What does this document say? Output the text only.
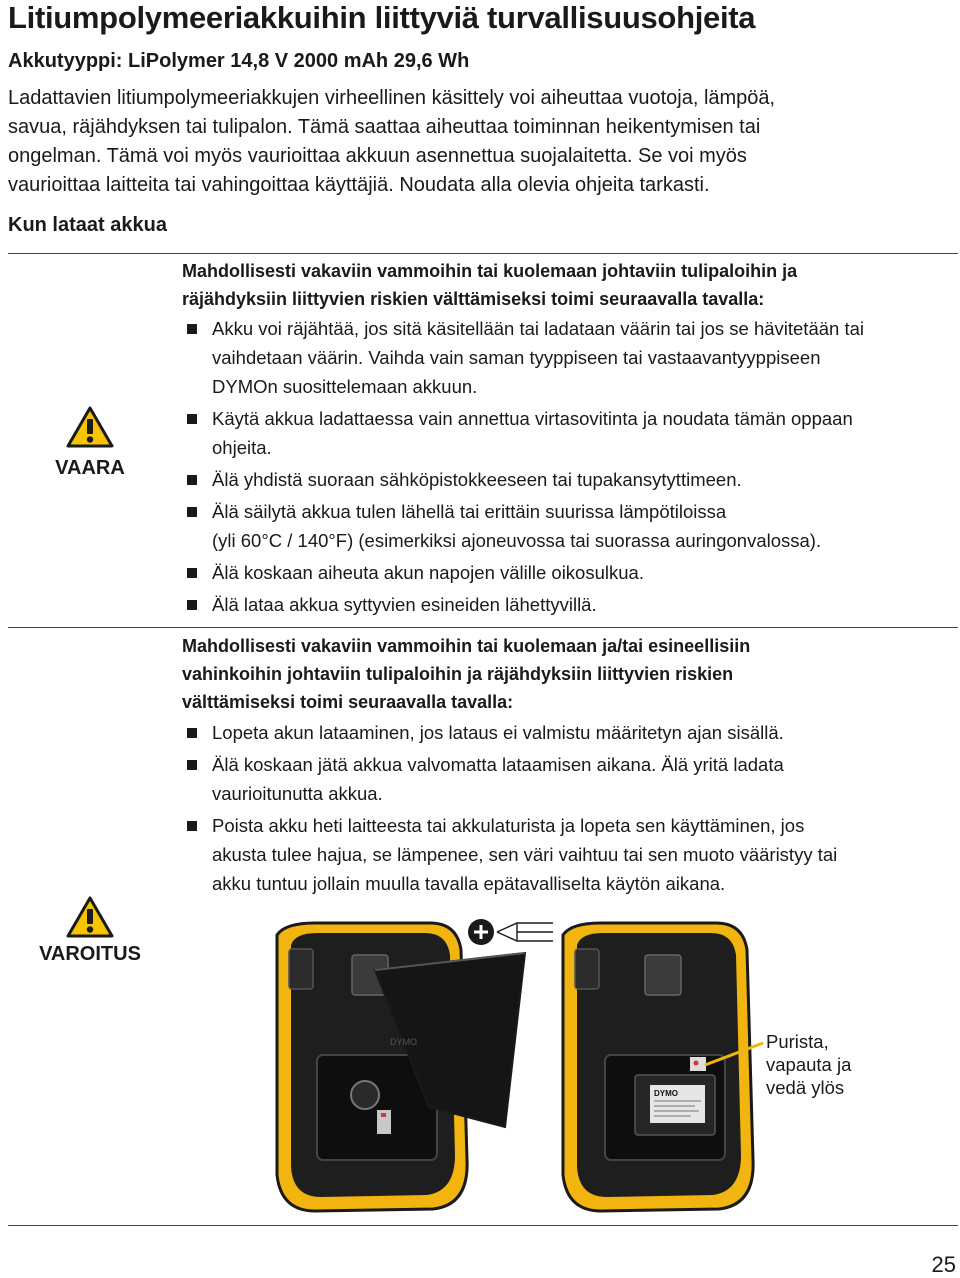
Litiumpolymeeriakkuihin liittyviä turvallisuusohjeita
Akkutyyppi: LiPolymer 14,8 V 2000 mAh 29,6 Wh
Ladattavien litiumpolymeeriakkujen virheellinen käsittely voi aiheuttaa vuotoja, lämpöä,
savua, räjähdyksen tai tulipalon. Tämä saattaa aiheuttaa toiminnan heikentymisen tai
ongelman. Tämä voi myös vaurioittaa akkuun asennettua suojalaitetta. Se voi myös
vaurioittaa laitteita tai vahingoittaa käyttäjiä. Noudata alla olevia ohjeita tarkasti.
Kun lataat akkua
VAARA
Mahdollisesti vakaviin vammoihin tai kuolemaan johtaviin tulipaloihin ja
räjähdyksiin liittyvien riskien välttämiseksi toimi seuraavalla tavalla:
Akku voi räjähtää, jos sitä käsitellään tai ladataan väärin tai jos se hävitetään tai
vaihdetaan väärin. Vaihda vain saman tyyppiseen tai vastaavantyyppiseen
DYMOn suosittelemaan akkuun.
Käytä akkua ladattaessa vain annettua virtasovitinta ja noudata tämän oppaan
ohjeita.
Älä yhdistä suoraan sähköpistokkeeseen tai tupakansytyttimeen.
Älä säilytä akkua tulen lähellä tai erittäin suurissa lämpötiloissa
(yli 60°C / 140°F) (esimerkiksi ajoneuvossa tai suorassa auringonvalossa).
Älä koskaan aiheuta akun napojen välille oikosulkua.
Älä lataa akkua syttyvien esineiden lähettyvillä.
VAROITUS
Mahdollisesti vakaviin vammoihin tai kuolemaan ja/tai esineellisiin
vahinkoihin johtaviin tulipaloihin ja räjähdyksiin liittyvien riskien
välttämiseksi toimi seuraavalla tavalla:
Lopeta akun lataaminen, jos lataus ei valmistu määritetyn ajan sisällä.
Älä koskaan jätä akkua valvomatta lataamisen aikana. Älä yritä ladata
vaurioitunutta akkua.
Poista akku heti laitteesta tai akkulaturista ja lopeta sen käyttäminen, jos
akusta tulee hajua, se lämpenee, sen väri vaihtuu tai sen muoto vääristyy tai
akku tuntuu jollain muulla tavalla epätavalliselta käytön aikana.
DYMO
DYMO
Purista,
vapauta ja
vedä ylös
25
